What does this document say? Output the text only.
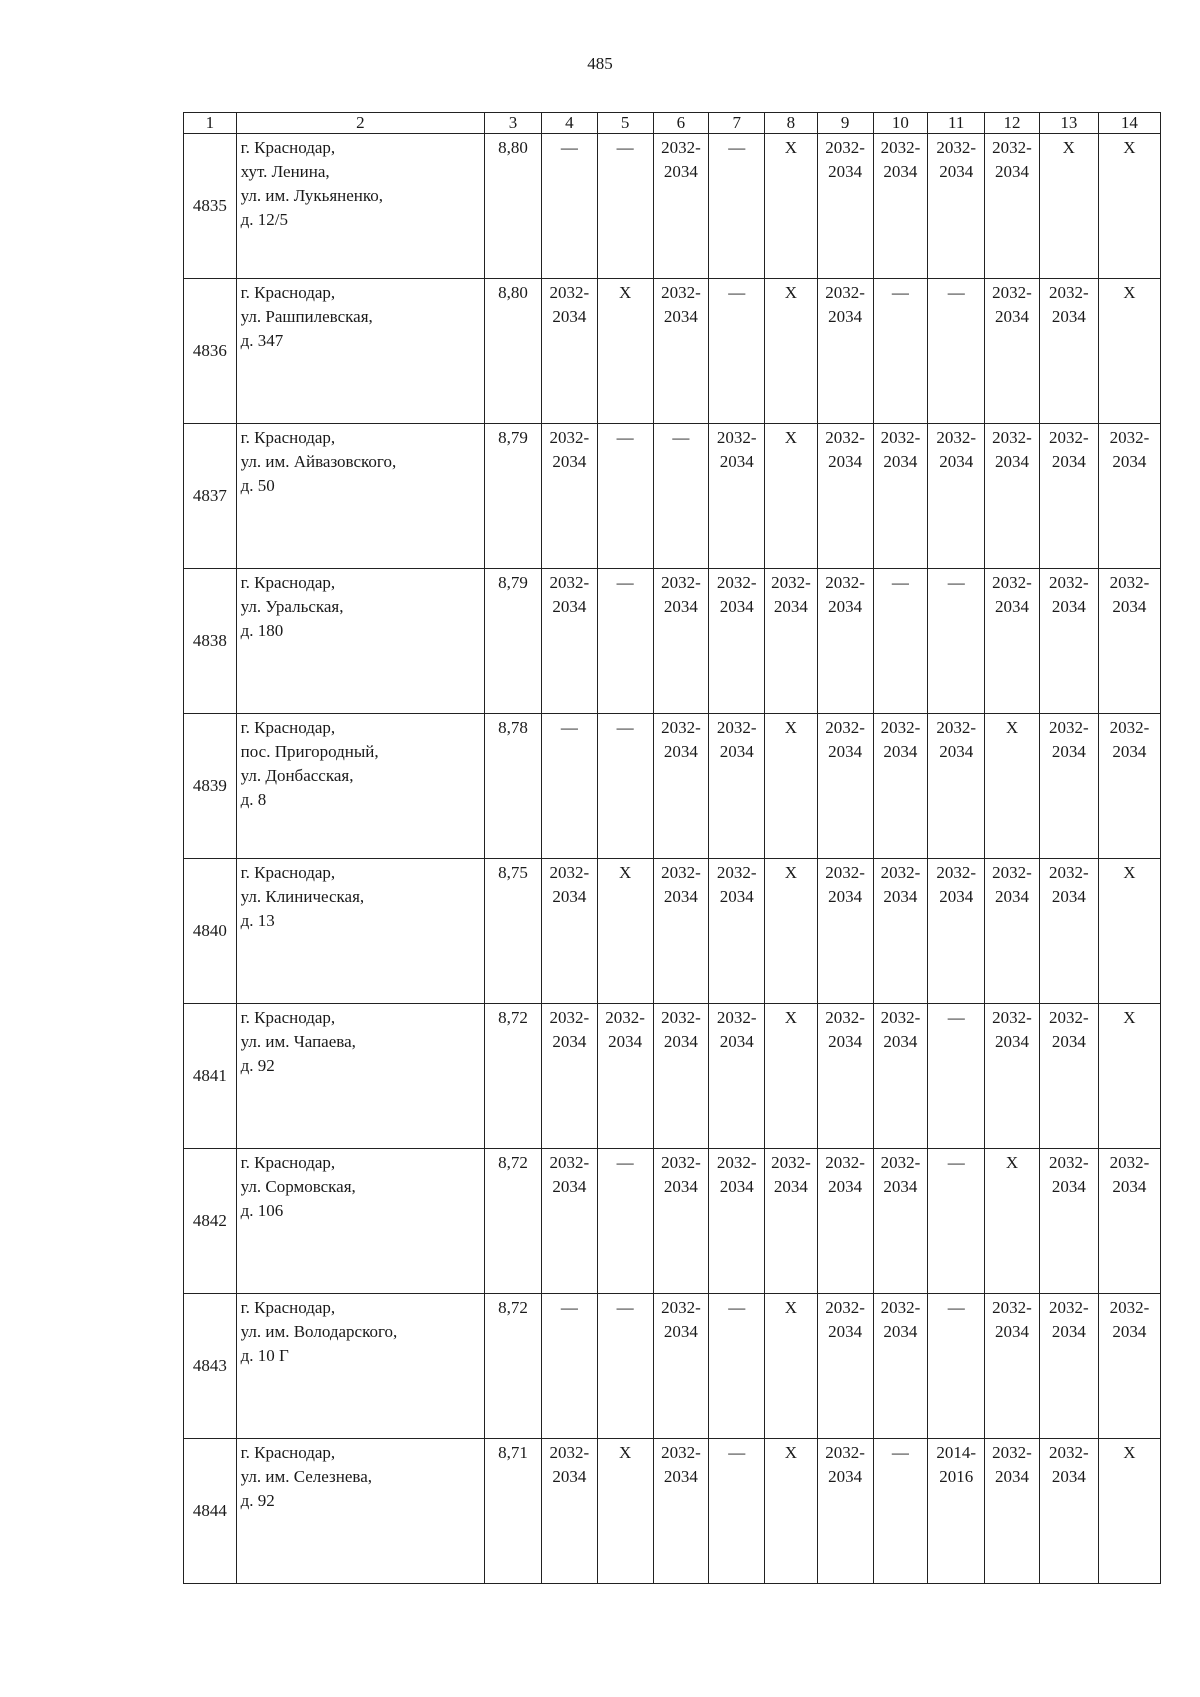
485
1	2	3	4	5	6	7	8	9	10	11	12	13	14
4835	г. Краснодар,
хут. Ленина,
ул. им. Лукьяненко,
д. 12/5	8,80	—	—	2032-
2034	—	X	2032-
2034	2032-
2034	2032-
2034	2032-
2034	X	X

4836	г. Краснодар,
ул. Рашпилевская,
д. 347	8,80	2032-
2034	X	2032-
2034	—	X	2032-
2034	—	—	2032-
2034	2032-
2034	X

4837	г. Краснодар,
ул. им. Айвазовского,
д. 50	8,79	2032-
2034	—	—	2032-
2034	X	2032-
2034	2032-
2034	2032-
2034	2032-
2034	2032-
2034	2032-
2034

4838	г. Краснодар,
ул. Уральская,
д. 180	8,79	2032-
2034	—	2032-
2034	2032-
2034	2032-
2034	2032-
2034	—	—	2032-
2034	2032-
2034	2032-
2034

4839	г. Краснодар,
пос. Пригородный,
ул. Донбасская,
д. 8	8,78	—	—	2032-
2034	2032-
2034	X	2032-
2034	2032-
2034	2032-
2034	X	2032-
2034	2032-
2034

4840	г. Краснодар,
ул. Клиническая,
д. 13	8,75	2032-
2034	X	2032-
2034	2032-
2034	X	2032-
2034	2032-
2034	2032-
2034	2032-
2034	2032-
2034	X

4841	г. Краснодар,
ул. им. Чапаева,
д. 92	8,72	2032-
2034	2032-
2034	2032-
2034	2032-
2034	X	2032-
2034	2032-
2034	—	2032-
2034	2032-
2034	X

4842	г. Краснодар,
ул. Сормовская,
д. 106	8,72	2032-
2034	—	2032-
2034	2032-
2034	2032-
2034	2032-
2034	2032-
2034	—	X	2032-
2034	2032-
2034

4843	г. Краснодар,
ул. им. Володарского,
д. 10 Г	8,72	—	—	2032-
2034	—	X	2032-
2034	2032-
2034	—	2032-
2034	2032-
2034	2032-
2034

4844	г. Краснодар,
ул. им. Селезнева,
д. 92	8,71	2032-
2034	X	2032-
2034	—	X	2032-
2034	—	2014-
2016	2032-
2034	2032-
2034	X
